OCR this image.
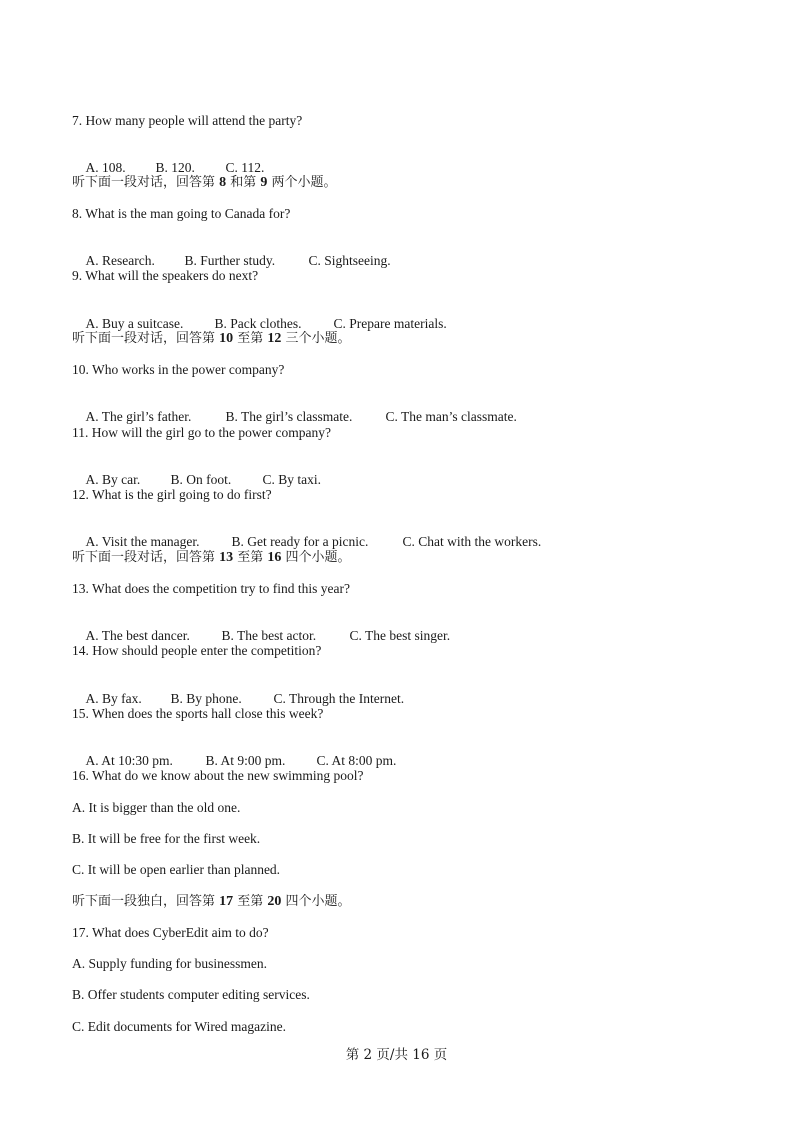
7. How many people will attend the party?

A. 108. B. 120. C. 112.

听下面一段对话，回答第 8 和第 9 两个小题。
8. What is the man going to Canada for?

A. Research. B. Further study. C. Sightseeing.

9. What will the speakers do next?

A. Buy a suitcase. B. Pack clothes. C. Prepare materials.

听下面一段对话，回答第 10 至第 12 三个小题。
10. Who works in the power company?

A. The girl’s father.	B. The girl’s classmate. C. The man’s classmate.

11. How will the girl go to the power company?

A. By car. B. On foot. C. By taxi.

12. What is the girl going to do first?

A. Visit the manager. B. Get ready for a picnic.	C. Chat with the workers.

听下面一段对话，回答第 13 至第 16 四个小题。
13. What does the competition try to find this year?

A. The best dancer. B. The best actor. C. The best singer.

14. How should people enter the competition?

A. By fax. B. By phone. C. Through the Internet.

15. When does the sports hall close this week?

A. At 10:30 pm. B. At 9:00 pm. C. At 8:00 pm.

16. What do we know about the new swimming pool?
A. It is bigger than the old one.
B. It will be free for the first week.
C. It will be open earlier than planned.
听下面一段独白，回答第 17 至第 20 四个小题。
17. What does CyberEdit aim to do?
A. Supply funding for businessmen.
B. Offer students computer editing services.
C. Edit documents for Wired magazine.
第 2 页/共 16 页
